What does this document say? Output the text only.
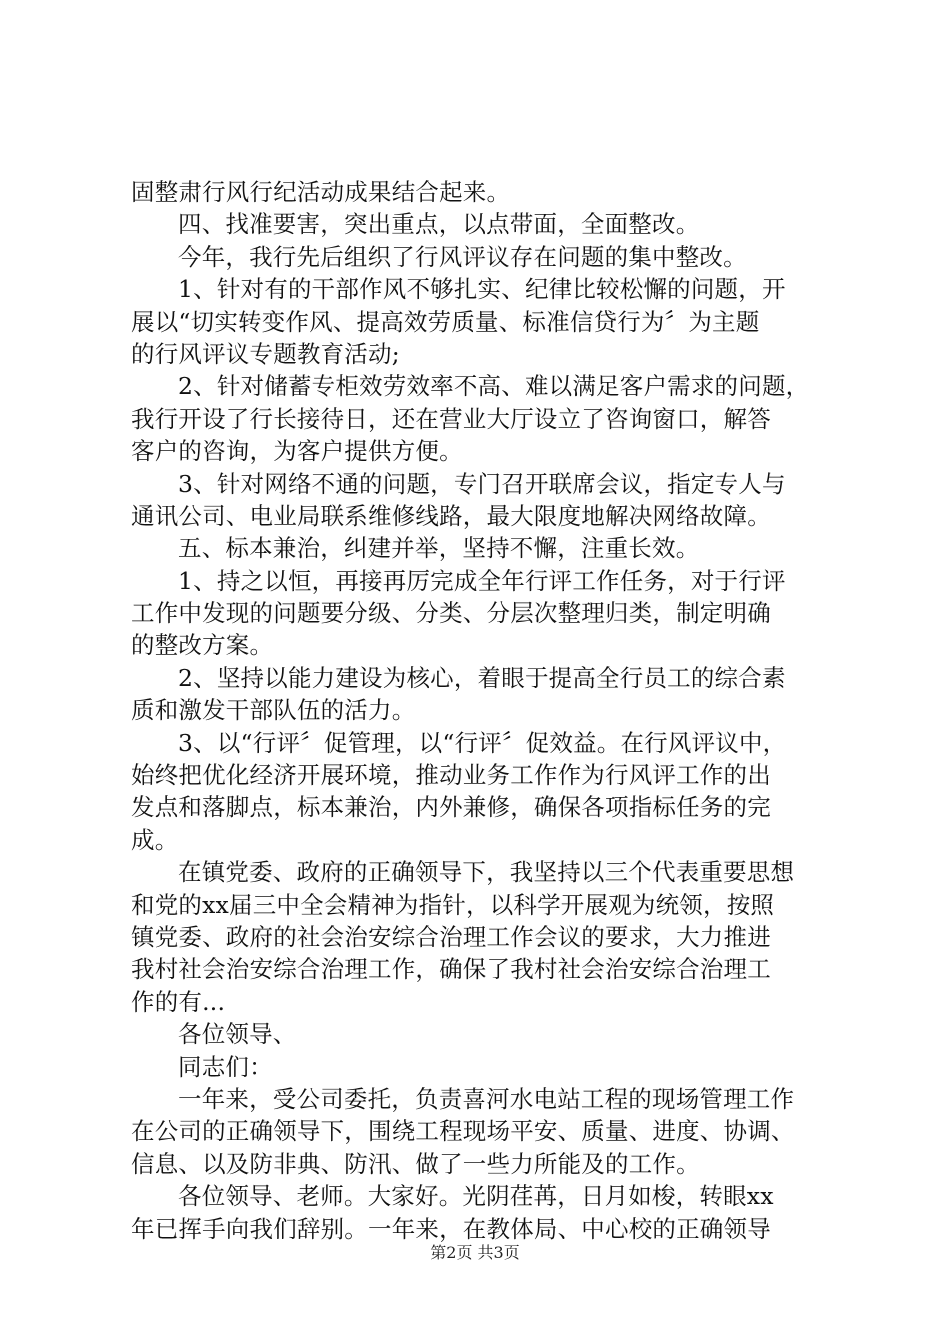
固整肃行风行纪活动成果结合起来。
四、找准要害，突出重点，以点带面，全面整改。
今年，我行先后组织了行风评议存在问题的集中整改。
1、针对有的干部作风不够扎实、纪律比较松懈的问题，开
展以“切实转变作风、提高效劳质量、标准信贷行为〞为主题
的行风评议专题教育活动;
2、针对储蓄专柜效劳效率不高、难以满足客户需求的问题，
我行开设了行长接待日，还在营业大厅设立了咨询窗口，解答
客户的咨询，为客户提供方便。
3、针对网络不通的问题，专门召开联席会议，指定专人与
通讯公司、电业局联系维修线路，最大限度地解决网络故障。
五、标本兼治，纠建并举，坚持不懈，注重长效。
1、持之以恒，再接再厉完成全年行评工作任务，对于行评
工作中发现的问题要分级、分类、分层次整理归类，制定明确
的整改方案。
2、坚持以能力建设为核心，着眼于提高全行员工的综合素
质和激发干部队伍的活力。
3、以“行评〞促管理，以“行评〞促效益。在行风评议中，
始终把优化经济开展环境，推动业务工作作为行风评工作的出
发点和落脚点，标本兼治，内外兼修，确保各项指标任务的完
成。
在镇党委、政府的正确领导下，我坚持以三个代表重要思想
和党的xx届三中全会精神为指针，以科学开展观为统领，按照
镇党委、政府的社会治安综合治理工作会议的要求，大力推进
我村社会治安综合治理工作，确保了我村社会治安综合治理工
作的有...
各位领导、
同志们：
一年来，受公司委托，负责喜河水电站工程的现场管理工作
在公司的正确领导下，围绕工程现场平安、质量、进度、协调、
信息、以及防非典、防汛、做了一些力所能及的工作。
各位领导、老师。大家好。光阴荏苒，日月如梭，转眼xx
年已挥手向我们辞别。一年来，在教体局、中心校的正确领导
第2页 共3页
